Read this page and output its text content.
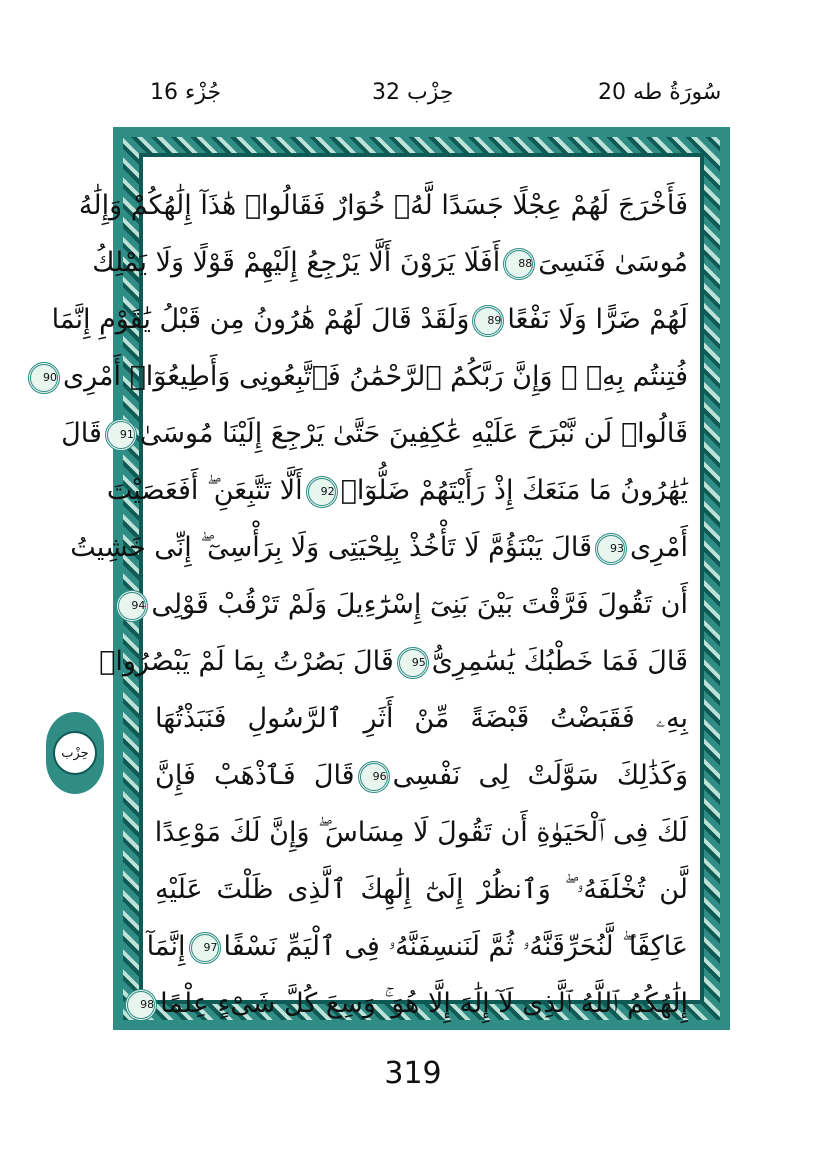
20 سُورَةُ طه
حِزْب 32
جُزْء 16
فَأَخْرَجَ لَهُمْ عِجْلًا جَسَدًا لَّهُۥ خُوَارٌ فَقَالُوا۟ هَٰذَآ إِلَٰهُكُمْ وَإِلَٰهُ
مُوسَىٰ فَنَسِىَ88أَفَلَا يَرَوْنَ أَلَّا يَرْجِعُ إِلَيْهِمْ قَوْلًا وَلَا يَمْلِكُ
لَهُمْ ضَرًّا وَلَا نَفْعًا89وَلَقَدْ قَالَ لَهُمْ هَٰرُونُ مِن قَبْلُ يَٰقَوْمِ إِنَّمَا
فُتِنتُم بِهِۦ ۖ وَإِنَّ رَبَّكُمُ ٱلرَّحْمَٰنُ فَٱتَّبِعُونِى وَأَطِيعُوٓا۟ أَمْرِى90
قَالُوا۟ لَن نَّبْرَحَ عَلَيْهِ عَٰكِفِينَ حَتَّىٰ يَرْجِعَ إِلَيْنَا مُوسَىٰ91قَالَ
يَٰهَٰرُونُ مَا مَنَعَكَ إِذْ رَأَيْتَهُمْ ضَلُّوٓا۟92أَلَّا تَتَّبِعَنِ ۖ أَفَعَصَيْتَ
أَمْرِى93قَالَ يَبْنَؤُمَّ لَا تَأْخُذْ بِلِحْيَتِى وَلَا بِرَأْسِىٓ ۖ إِنِّى خَشِيتُ
أَن تَقُولَ فَرَّقْتَ بَيْنَ بَنِىٓ إِسْرَٰٓءِيلَ وَلَمْ تَرْقُبْ قَوْلِى94
قَالَ فَمَا خَطْبُكَ يَٰسَٰمِرِىُّ95قَالَ بَصُرْتُ بِمَا لَمْ يَبْصُرُوا۟
بِهِۦ فَقَبَضْتُ قَبْضَةً مِّنْ أَثَرِ ٱلرَّسُولِ فَنَبَذْتُهَا
وَكَذَٰلِكَ سَوَّلَتْ لِى نَفْسِى96قَالَ فَٱذْهَبْ فَإِنَّ
لَكَ فِى ٱلْحَيَوٰةِ أَن تَقُولَ لَا مِسَاسَ ۖ وَإِنَّ لَكَ مَوْعِدًا
لَّن تُخْلَفَهُۥ ۖ وَٱنظُرْ إِلَىٰٓ إِلَٰهِكَ ٱلَّذِى ظَلْتَ عَلَيْهِ
عَاكِفًا ۖ لَّنُحَرِّقَنَّهُۥ ثُمَّ لَنَنسِفَنَّهُۥ فِى ٱلْيَمِّ نَسْفًا97إِنَّمَآ
إِلَٰهُكُمُ ٱللَّهُ ٱلَّذِى لَآ إِلَٰهَ إِلَّا هُوَ ۚ وَسِعَ كُلَّ شَىْءٍ عِلْمًا98
حِزْب
319
